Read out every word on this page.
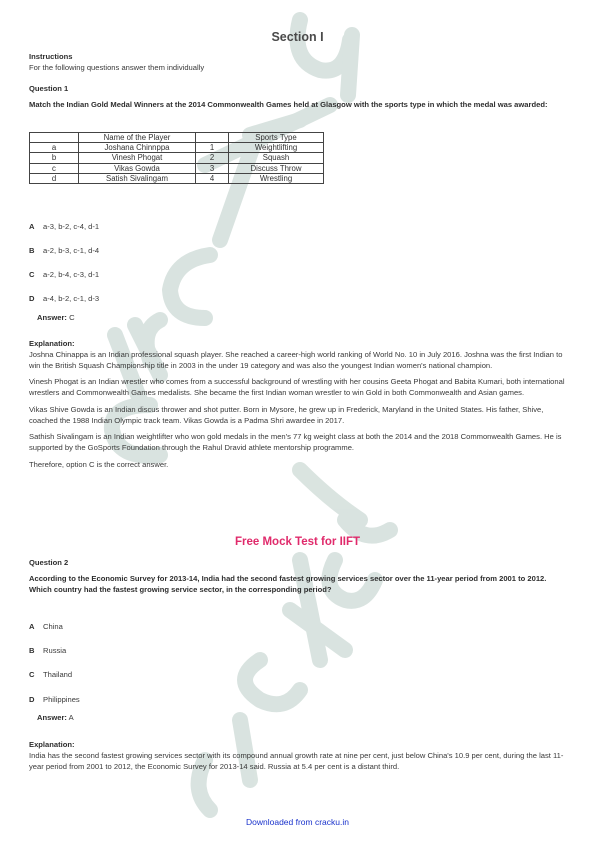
Section I
Instructions
For the following questions answer them individually
Question 1
Match the Indian Gold Medal Winners at the 2014 Commonwealth Games held at Glasgow with the sports type in which the medal was awarded:
	Name of the Player		Sports Type
a	Joshana Chinnppa	1	Weightlifting
b	Vinesh Phogat	2	Squash
c	Vikas Gowda	3	Discuss Throw
d	Satish Sivalingam	4	Wrestling
A a-3, b-2, c-4, d-1
B a-2, b-3, c-1, d-4
C a-2, b-4, c-3, d-1
D a-4, b-2, c-1, d-3
Answer: C
Explanation:

Joshna Chinappa is an Indian professional squash player. She reached a career-high world ranking of World No. 10 in July 2016. Joshna was the first Indian to win the British Squash Championship title in 2003 in the under 19 category and was also the youngest Indian women's national champion.

Vinesh Phogat is an Indian wrestler who comes from a successful background of wrestling with her cousins Geeta Phogat and Babita Kumari, both international wrestlers and Commonwealth Games medalists. She became the first Indian woman wrestler to win Gold in both Commonwealth and Asian games.

Vikas Shive Gowda is an Indian discus thrower and shot putter. Born in Mysore, he grew up in Frederick, Maryland in the United States. His father, Shive, coached the 1988 Indian Olympic track team. Vikas Gowda is a Padma Shri awardee in 2017.

Sathish Sivalingam is an Indian weightlifter who won gold medals in the men's 77 kg weight class at both the 2014 and the 2018 Commonwealth Games. He is supported by the GoSports Foundation through the Rahul Dravid athlete mentorship programme.

Therefore, option C is the correct answer.

Free Mock Test for IIFT
Question 2
According to the Economic Survey for 2013-14, India had the second fastest growing services sector over the 11-year period from 2001 to 2012. Which country had the fastest growing service sector, in the corresponding period?
A China
B Russia
C Thailand
D Philippines
Answer: A
Explanation:

India has the second fastest growing services sector with its compound annual growth rate at nine per cent, just below China's 10.9 per cent, during the last 11-year period from 2001 to 2012, the Economic Survey for 2013-14 said. Russia at 5.4 per cent is a distant third.

Downloaded from cracku.in
